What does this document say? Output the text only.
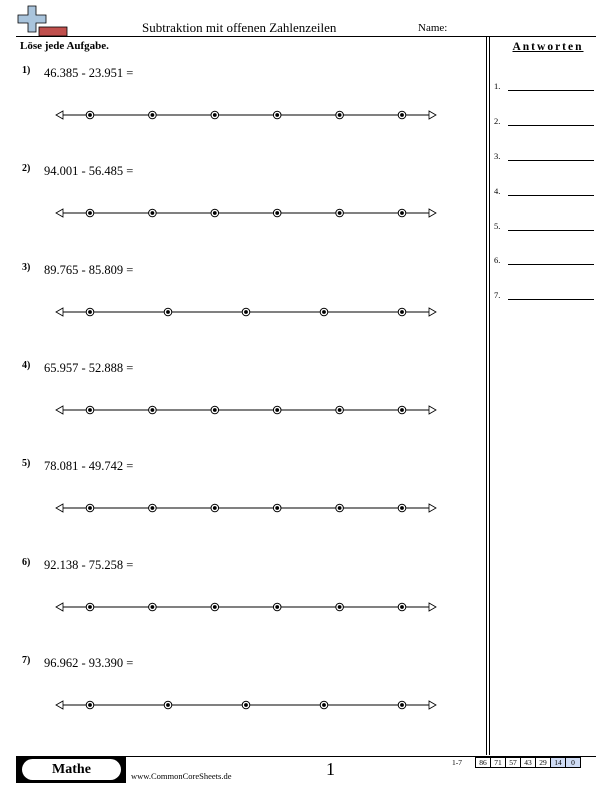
Subtraktion mit offenen Zahlenzeilen	Name:
Löse jede Aufgabe.
1) 46.385 - 23.951 =
2) 94.001 - 56.485 =
3) 89.765 - 85.809 =
4) 65.957 - 52.888 =
5) 78.081 - 49.742 =
6) 92.138 - 75.258 =
7) 96.962 - 93.390 =
Antworten
1.
2.
3.
4.
5.
6.
7.
Mathe	www.CommonCoreSheets.de	1	1-7	86	71	57	43	29	14	0
